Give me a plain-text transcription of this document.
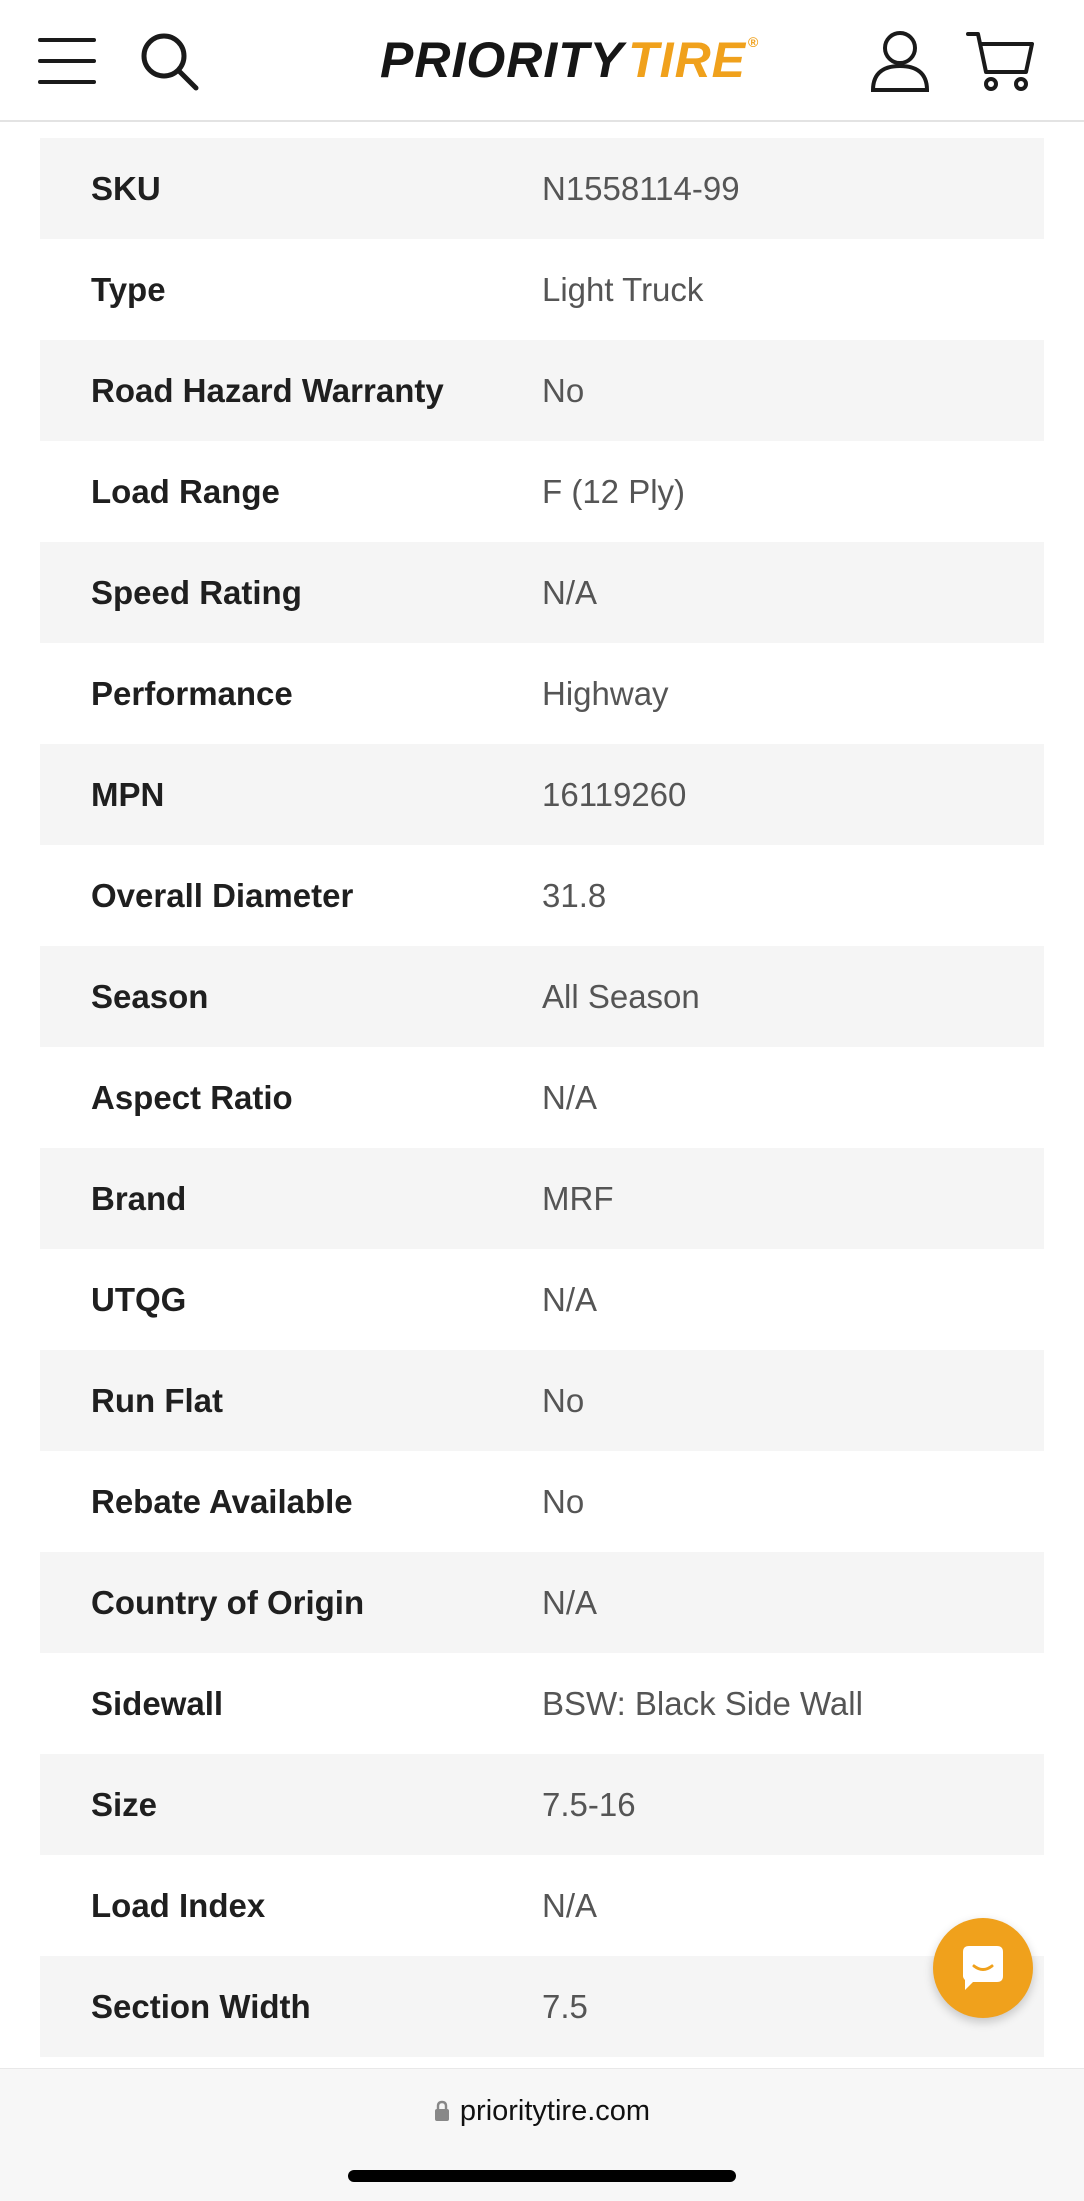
PRIORITY TIRE ®
SKU	N1558114-99
Type	Light Truck
Road Hazard Warranty	No
Load Range	F (12 Ply)
Speed Rating	N/A
Performance	Highway
MPN	16119260
Overall Diameter	31.8
Season	All Season
Aspect Ratio	N/A
Brand	MRF
UTQG	N/A
Run Flat	No
Rebate Available	No
Country of Origin	N/A
Sidewall	BSW: Black Side Wall
Size	7.5-16
Load Index	N/A
Section Width	7.5
prioritytire.com
